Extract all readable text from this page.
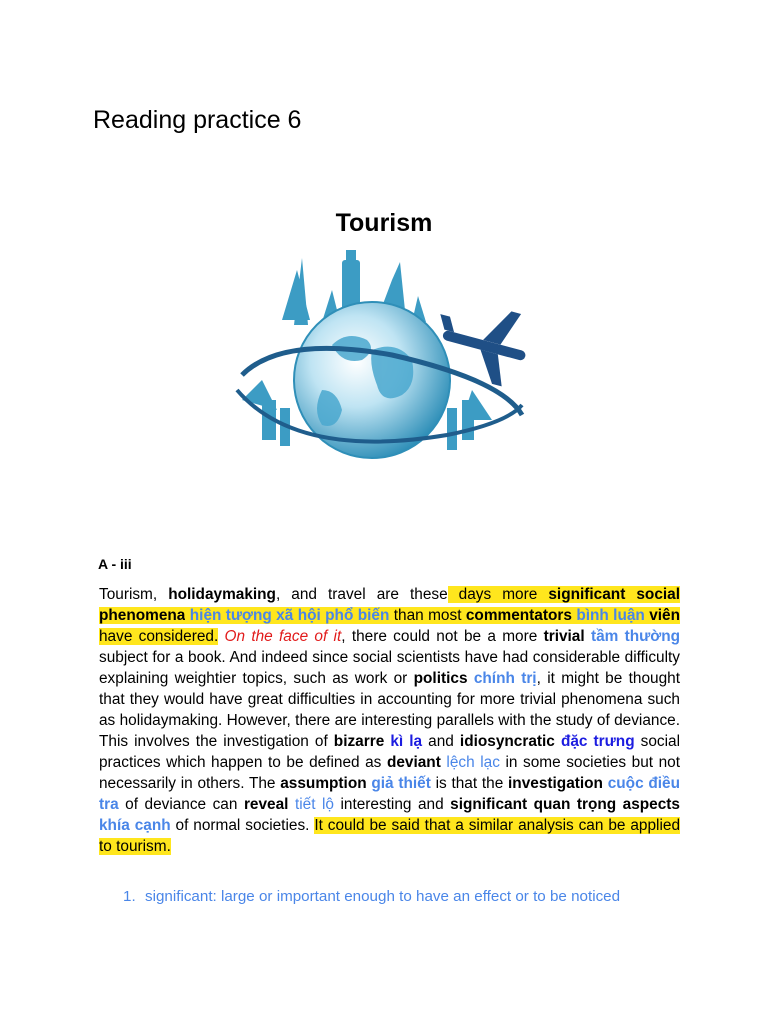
Reading practice 6
Tourism

A - iii

Tourism, holidaymaking, and travel are these days more significant social phenomena hiện tượng xã hội phổ biến than most commentators bình luận viên have considered. On the face of it, there could not be a more trivial tầm thường subject for a book. And indeed since social scientists have had considerable difficulty explaining weightier topics, such as work or politics chính trị, it might be thought that they would have great difficulties in accounting for more trivial phenomena such as holidaymaking. However, there are interesting parallels with the study of deviance. This involves the investigation of bizarre kì lạ and idiosyncratic đặc trưng social practices which happen to be defined as deviant lệch lạc in some societies but not necessarily in others. The assumption giả thiết is that the investigation cuộc điều tra of deviance can reveal tiết lộ interesting and significant quan trọng aspects khía cạnh of normal societies. It could be said that a similar analysis can be applied to tourism.

1. significant: large or important enough to have an effect or to be noticed
